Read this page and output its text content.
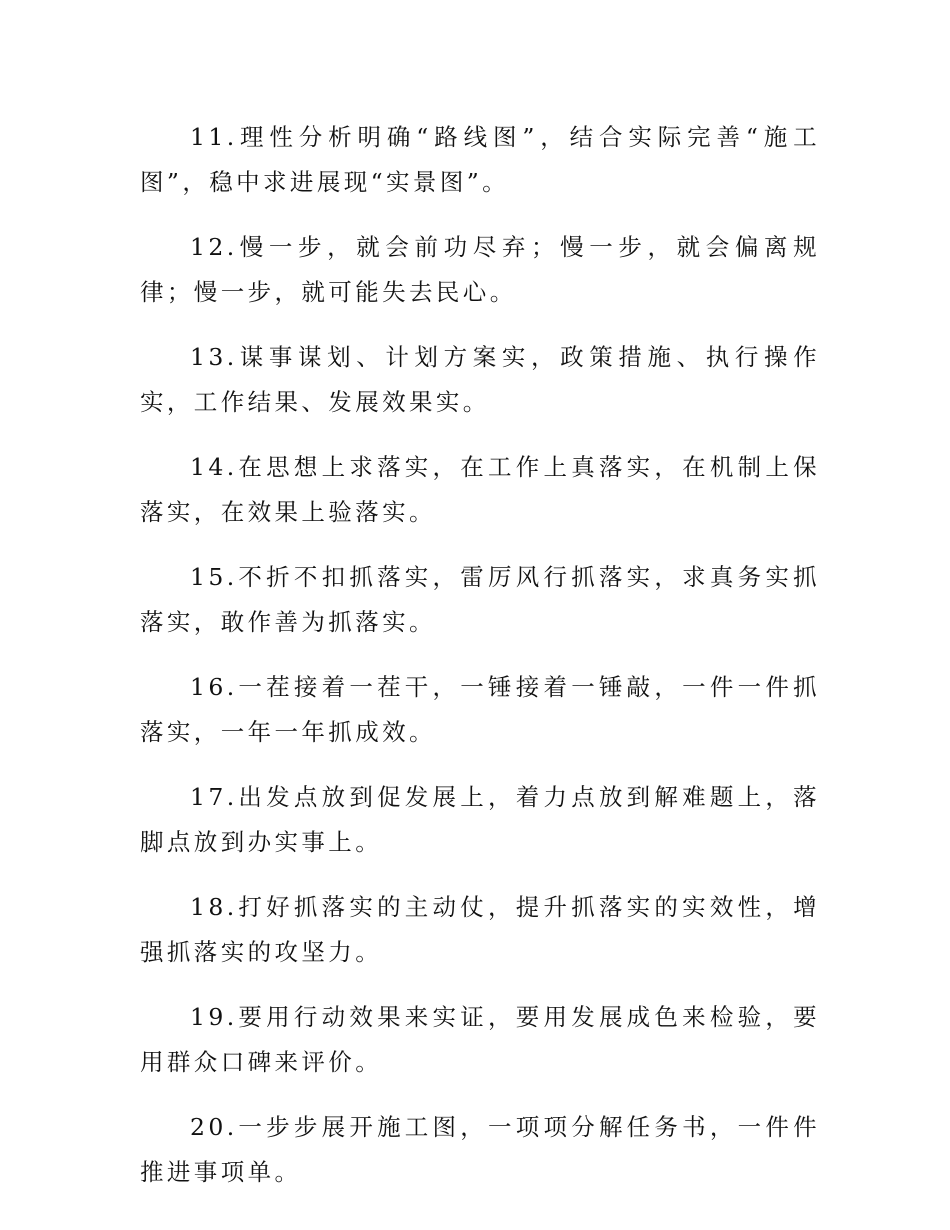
11.理性分析明确“路线图”，结合实际完善“施工图”，稳中求进展现“实景图”。

12.慢一步，就会前功尽弃；慢一步，就会偏离规律；慢一步，就可能失去民心。

13.谋事谋划、计划方案实，政策措施、执行操作实，工作结果、发展效果实。

14.在思想上求落实，在工作上真落实，在机制上保落实，在效果上验落实。

15.不折不扣抓落实，雷厉风行抓落实，求真务实抓落实，敢作善为抓落实。

16.一茬接着一茬干，一锤接着一锤敲，一件一件抓落实，一年一年抓成效。

17.出发点放到促发展上，着力点放到解难题上，落脚点放到办实事上。

18.打好抓落实的主动仗，提升抓落实的实效性，增强抓落实的攻坚力。

19.要用行动效果来实证，要用发展成色来检验，要用群众口碑来评价。

20.一步步展开施工图，一项项分解任务书，一件件推进事项单。
